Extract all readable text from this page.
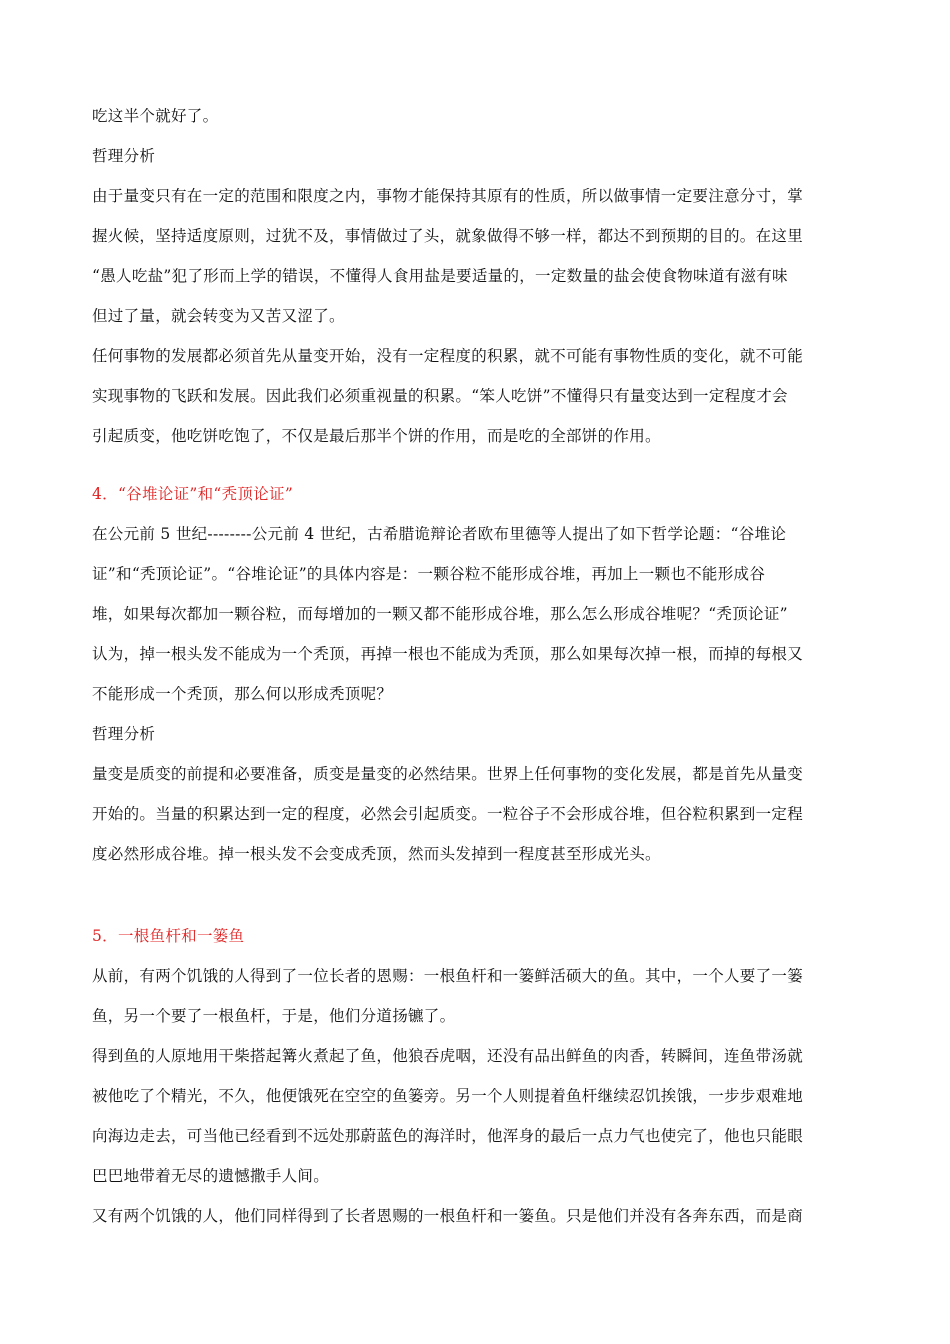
吃这半个就好了。
哲理分析
由于量变只有在一定的范围和限度之内，事物才能保持其原有的性质，所以做事情一定要注意分寸，掌
握火候，坚持适度原则，过犹不及，事情做过了头，就象做得不够一样，都达不到预期的目的。在这里
“愚人吃盐”犯了形而上学的错误，不懂得人食用盐是要适量的，一定数量的盐会使食物味道有滋有味
但过了量，就会转变为又苦又涩了。
任何事物的发展都必须首先从量变开始，没有一定程度的积累，就不可能有事物性质的变化，就不可能
实现事物的飞跃和发展。因此我们必须重视量的积累。“笨人吃饼”不懂得只有量变达到一定程度才会
引起质变，他吃饼吃饱了，不仅是最后那半个饼的作用，而是吃的全部饼的作用。
4．“谷堆论证”和“秃顶论证”
在公元前 5 世纪--------公元前 4 世纪，古希腊诡辩论者欧布里德等人提出了如下哲学论题：“谷堆论
证”和“秃顶论证”。“谷堆论证”的具体内容是：一颗谷粒不能形成谷堆，再加上一颗也不能形成谷
堆，如果每次都加一颗谷粒，而每增加的一颗又都不能形成谷堆，那么怎么形成谷堆呢？“秃顶论证”
认为，掉一根头发不能成为一个秃顶，再掉一根也不能成为秃顶，那么如果每次掉一根，而掉的每根又
不能形成一个秃顶，那么何以形成秃顶呢？
哲理分析
量变是质变的前提和必要准备，质变是量变的必然结果。世界上任何事物的变化发展，都是首先从量变
开始的。当量的积累达到一定的程度，必然会引起质变。一粒谷子不会形成谷堆，但谷粒积累到一定程
度必然形成谷堆。掉一根头发不会变成秃顶，然而头发掉到一程度甚至形成光头。
5．一根鱼杆和一篓鱼
从前，有两个饥饿的人得到了一位长者的恩赐：一根鱼杆和一篓鲜活硕大的鱼。其中，一个人要了一篓
鱼，另一个要了一根鱼杆，于是，他们分道扬镳了。
得到鱼的人原地用干柴搭起篝火煮起了鱼，他狼吞虎咽，还没有品出鲜鱼的肉香，转瞬间，连鱼带汤就
被他吃了个精光，不久，他便饿死在空空的鱼篓旁。另一个人则提着鱼杆继续忍饥挨饿，一步步艰难地
向海边走去，可当他已经看到不远处那蔚蓝色的海洋时，他浑身的最后一点力气也使完了，他也只能眼
巴巴地带着无尽的遗憾撒手人间。
又有两个饥饿的人，他们同样得到了长者恩赐的一根鱼杆和一篓鱼。只是他们并没有各奔东西，而是商
